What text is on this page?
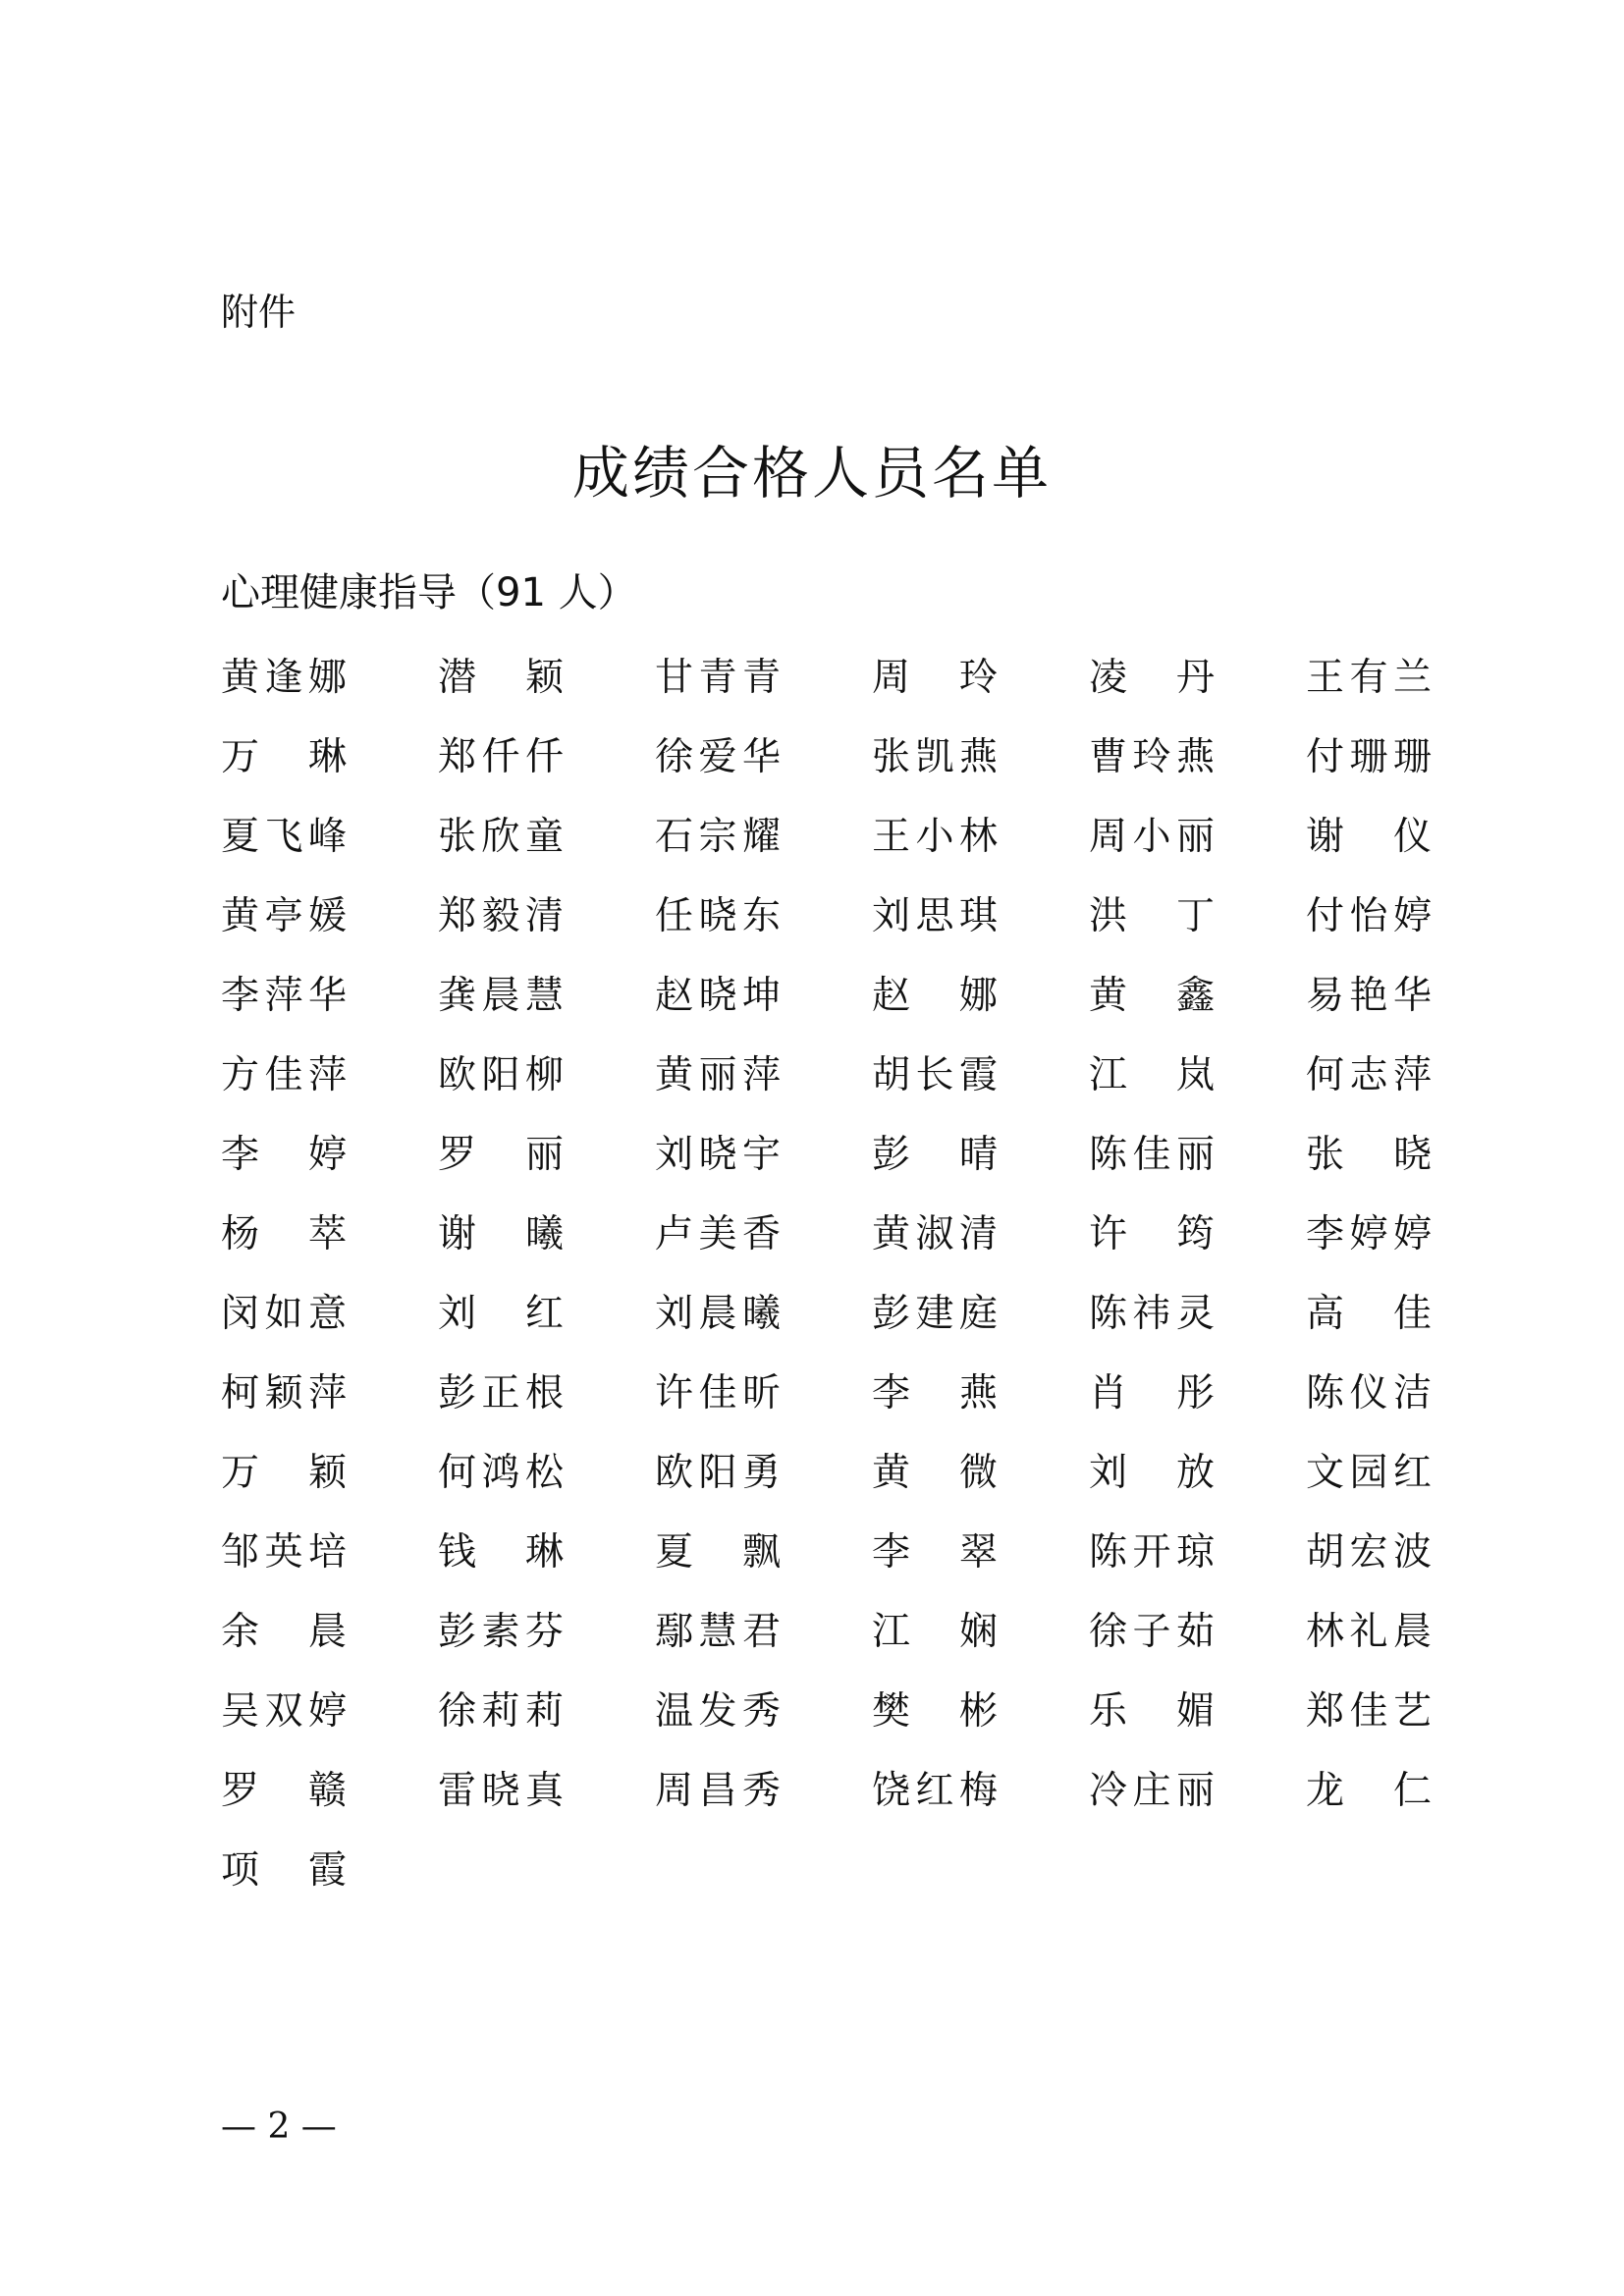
附件
成绩合格人员名单
心理健康指导（91 人）
黄 逢 娜 潜 颖 甘 青 青 周 玲 凌 丹 王 有 兰
万 琳 郑 仟 仟 徐 爱 华 张 凯 燕 曹 玲 燕 付 珊 珊
夏 飞 峰 张 欣 童 石 宗 耀 王 小 林 周 小 丽 谢 仪
黄 亭 媛 郑 毅 清 任 晓 东 刘 思 琪 洪 丁 付 怡 婷
李 萍 华 龚 晨 慧 赵 晓 坤 赵 娜 黄 鑫 易 艳 华
方 佳 萍 欧 阳 柳 黄 丽 萍 胡 长 霞 江 岚 何 志 萍
李 婷 罗 丽 刘 晓 宇 彭 晴 陈 佳 丽 张 晓
杨 萃 谢 曦 卢 美 香 黄 淑 清 许 筠 李 婷 婷
闵 如 意 刘 红 刘 晨 曦 彭 建 庭 陈 祎 灵 高 佳
柯 颖 萍 彭 正 根 许 佳 昕 李 燕 肖 彤 陈 仪 洁
万 颖 何 鸿 松 欧 阳 勇 黄 微 刘 放 文 园 红
邹 英 培 钱 琳 夏 飘 李 翠 陈 开 琼 胡 宏 波
余 晨 彭 素 芬 鄢 慧 君 江 娴 徐 子 茹 林 礼 晨
吴 双 婷 徐 莉 莉 温 发 秀 樊 彬 乐 媚 郑 佳 艺
罗 赣 雷 晓 真 周 昌 秀 饶 红 梅 冷 庄 丽 龙 仁
项 霞
— 2 —
